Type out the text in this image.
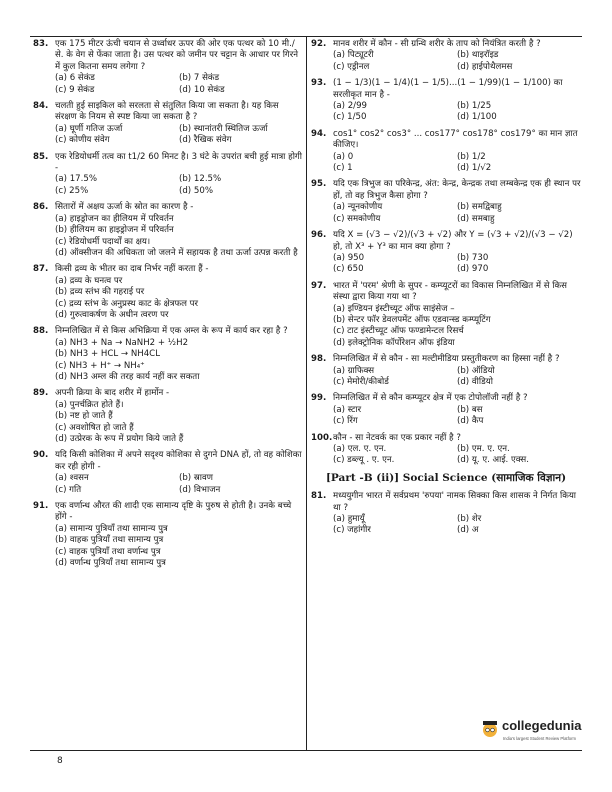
83. एक 175 मीटर ऊंची चयान से उर्ध्वाधर ऊपर की ओर एक पत्थर को 10 मी./से. के वेग से फेंका जाता है। उस पत्थर को जमीन पर चट्टान के आधार पर गिरने में कुल कितना समय लगेगा ?
(a) 6 सेकंड	(b) 7 सेकंड
(c) 9 सेकंड	(d) 10 सेकंड
84. चलती हुई साइकिल को सरलता से संतुलित किया जा सकता है। यह किस संरक्षण के नियम से स्पष्ट किया जा सकता है ?
(a) घूर्णी गतिज ऊर्जा	(b) स्थानांतरी स्थितिज ऊर्जा
(c) कोणीय संवेग	(d) रैखिक संवेग
85. एक रेडियोधर्मी तत्व का t1/2 60 मिनट है। 3 घंटे के उपरांत बची हुई मात्रा होगी -
(a) 17.5%	(b) 12.5%
(c) 25%	(d) 50%
86. सितारों में अक्षय ऊर्जा के स्रोत का कारण है -
(a) हाइड्रोजन का हीलियम में परिवर्तन
(b) हीलियम का हाइड्रोजन में परिवर्तन
(c) रेडियोधर्मी पदार्थों का क्षय।
(d) ऑक्सीजन की अधिकता जो जलने में सहायक है तथा ऊर्जा उत्पन्न करती है
87. किसी द्रव्य के भीतर का दाब निर्भर नहीं करता हैं -
(a) द्रव्य के घनत्व पर
(b) द्रव्य स्तंभ की गहराई पर
(c) द्रव्य स्तंभ के अनुप्रस्थ काट के क्षेत्रफल पर
(d) गुरुत्वाकर्षण के अधीन त्वरण पर
88. निम्नलिखित में से किस अभिक्रिया में एक अम्ल के रूप में कार्य कर रहा है ?
(a) NH3 + Na → NaNH2 + ½H2
(b) NH3 + HCL → NH4CL
(c) NH3 + H⁺ → NH₄⁺
(d) NH3 अम्ल की तरह कार्य नहीं कर सकता
89. अपनी क्रिया के बाद शरीर में हार्मोन -
(a) पुनर्चक्रित होते हैं।
(b) नष्ट हो जाते हैं
(c) अवशोषित हो जाते हैं
(d) उत्प्रेरक के रूप में प्रयोग किये जाते हैं
90. यदि किसी कोशिका में अपने सदृश्य कोशिका से दुगने DNA हों, तो वह कोशिका कर रही होगी -
(a) श्वसन	(b) स्रावण
(c) गति	(d) विभाजन
91. एक वर्णान्ध औरत की शादी एक सामान्य दृष्टि के पुरुष से होती है। उनके बच्चे होंगे -
(a) सामान्य पुत्रियाँ तथा सामान्य पुत्र
(b) वाहक पुत्रियाँ तथा सामान्य पुत्र
(c) वाहक पुत्रियाँ तथा वर्णान्ध पुत्र
(d) वर्णान्ध पुत्रियाँ तथा सामान्य पुत्र
92. मानव शरीर में कौन - सी ग्रन्थि शरीर के ताप को नियंत्रित करती है ?
(a) पिट्यूटरी	(b) थाइरॉइड
(c) एड्रीनल	(d) हाईपोथैलमस
93. (1 − 1/3)(1 − 1/4)(1 − 1/5)...(1 − 1/99)(1 − 1/100) का सरलीकृत मान है -
(a) 2/99	(b) 1/25
(c) 1/50	(d) 1/100
94. cos1° cos2° cos3° ... cos177° cos178° cos179° का मान ज्ञात कीजिए।
(a) 0	(b) 1/2
(c) 1	(d) 1/√2
95. यदि एक त्रिभुज का परिकेन्द्र, अंत: केन्द्र, केन्द्रक तथा लम्बकेन्द्र एक ही स्थान पर हों, तो वह त्रिभुज कैसा होगा ?
(a) न्यूनकोणीय	(b) समद्विबाहु
(c) समकोणीय	(d) समबाहु
96. यदि X = (√3 − √2)/(√3 + √2) और Y = (√3 + √2)/(√3 − √2) हो, तो X³ + Y³ का मान क्या होगा ?
(a) 950	(b) 730
(c) 650	(d) 970
97. भारत में 'परम' श्रेणी के सुपर - कम्प्यूटरों का विकास निम्नलिखित में से किस संस्था द्वारा किया गया था ?
(a) इण्डियन इंस्टीच्यूट ऑफ साइंसेज –
(b) सेन्टर फॉर डेवलपमेंट ऑफ एडवान्स्ड कम्प्यूटिंग
(c) टाट इंस्टीच्यूट ऑफ फण्डामेन्टल रिसर्च
(d) इलेक्ट्रोनिक कॉर्पोरेशन ऑफ इंडिया
98. निम्नलिखित में से कौन - सा मल्टीमीडिया प्रस्तुतीकरण का हिस्सा नहीं है ?
(a) ग्राफिक्स	(b) ऑडियो
(c) मेमोरी/कीबोर्ड	(d) वीडियो
99. निम्नलिखित में से कौन कम्प्यूटर क्षेत्र में एक टोपोलॉजी नहीं है ?
(a) स्टार	(b) बस
(c) रिंग	(d) कैप
100. कौन - सा नेटवर्क का एक प्रकार नहीं है ?
(a) एल. ए. एन.	(b) एम. ए. एन.
(c) डब्ल्यू . ए. एन.	(d) यू. ए. आई. एक्स.
[Part -B (ii)] Social Science (सामाजिक विज्ञान)
81. मध्ययुगीन भारत में सर्वप्रथम 'रुपया' नामक सिक्का किस शासक ने निर्गत किया था ?
(a) हुमायूँ	(b) शेर
(c) जहांगीर	(d) अ
8
collegedunia
India's largest Student Review Platform
